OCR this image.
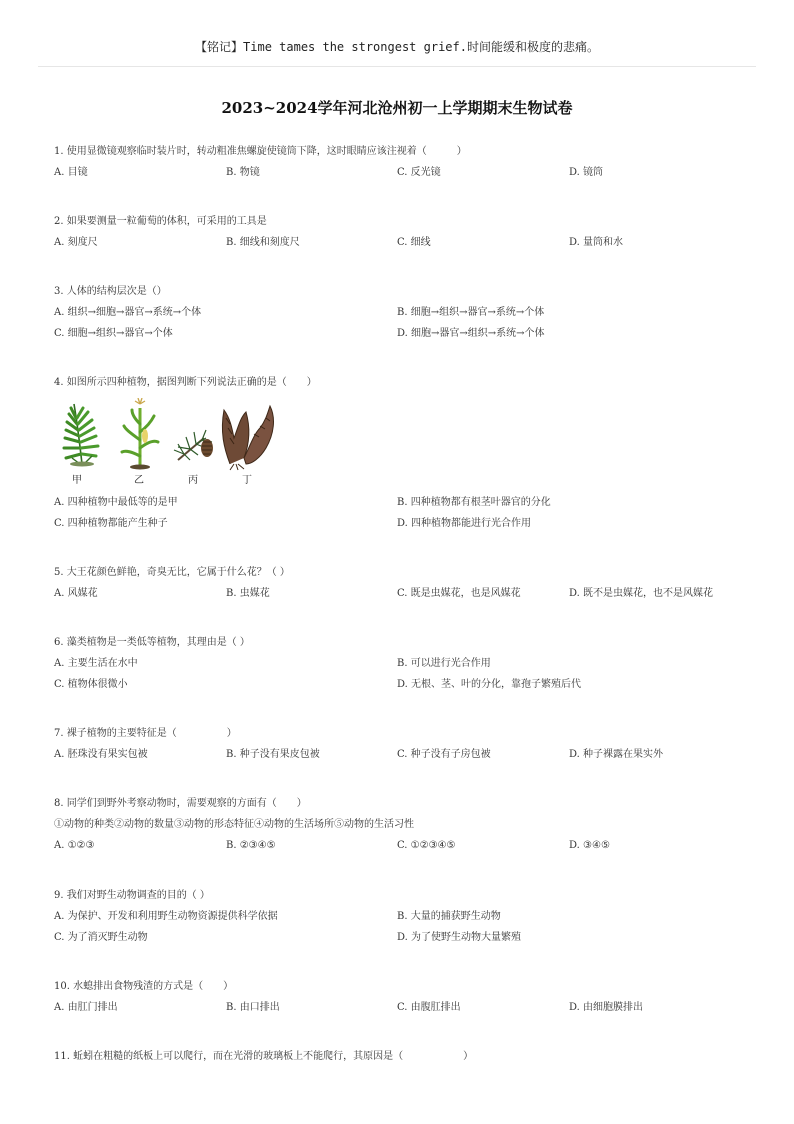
【铭记】Time tames the strongest grief.时间能缓和极度的悲痛。
2023~2024学年河北沧州初一上学期期末生物试卷
1. 使用显微镜观察临时装片时，转动粗准焦螺旋使镜筒下降，这时眼睛应该注视着（　　　）
A. 目镜	B. 物镜	C. 反光镜	D. 镜筒
2. 如果要测量一粒葡萄的体积，可采用的工具是
A. 刻度尺	B. 细线和刻度尺	C. 细线	D. 量筒和水
3. 人体的结构层次是（）
A. 组织→细胞→器官→系统→个体	B. 细胞→组织→器官→系统→个体
C. 细胞→组织→器官→个体	D. 细胞→器官→组织→系统→个体
4. 如图所示四种植物，据图判断下列说法正确的是（　　）
甲	乙	丙	丁
A. 四种植物中最低等的是甲	B. 四种植物都有根茎叶器官的分化
C. 四种植物都能产生种子	D. 四种植物都能进行光合作用
5. 大王花颜色鲜艳，奇臭无比，它属于什么花？（ ）
A. 风媒花	B. 虫媒花	C. 既是虫媒花，也是风媒花	D. 既不是虫媒花，也不是风媒花
6. 藻类植物是一类低等植物，其理由是（ ）
A. 主要生活在水中	B. 可以进行光合作用
C. 植物体很微小	D. 无根、茎、叶的分化，靠孢子繁殖后代
7. 裸子植物的主要特征是（　　　　　）
A. 胚珠没有果实包被	B. 种子没有果皮包被	C. 种子没有子房包被	D. 种子裸露在果实外
8. 同学们到野外考察动物时，需要观察的方面有（　　）
①动物的种类②动物的数量③动物的形态特征④动物的生活场所⑤动物的生活习性
A. ①②③	B. ②③④⑤	C. ①②③④⑤	D. ③④⑤
9. 我们对野生动物调查的目的（ ）
A. 为保护、开发和利用野生动物资源提供科学依据	B. 大量的捕获野生动物
C. 为了消灭野生动物	D. 为了使野生动物大量繁殖
10. 水螅排出食物残渣的方式是（　　）
A. 由肛门排出	B. 由口排出	C. 由腹肛排出	D. 由细胞膜排出
11. 蚯蚓在粗糙的纸板上可以爬行，而在光滑的玻璃板上不能爬行，其原因是（　　　　　　）
